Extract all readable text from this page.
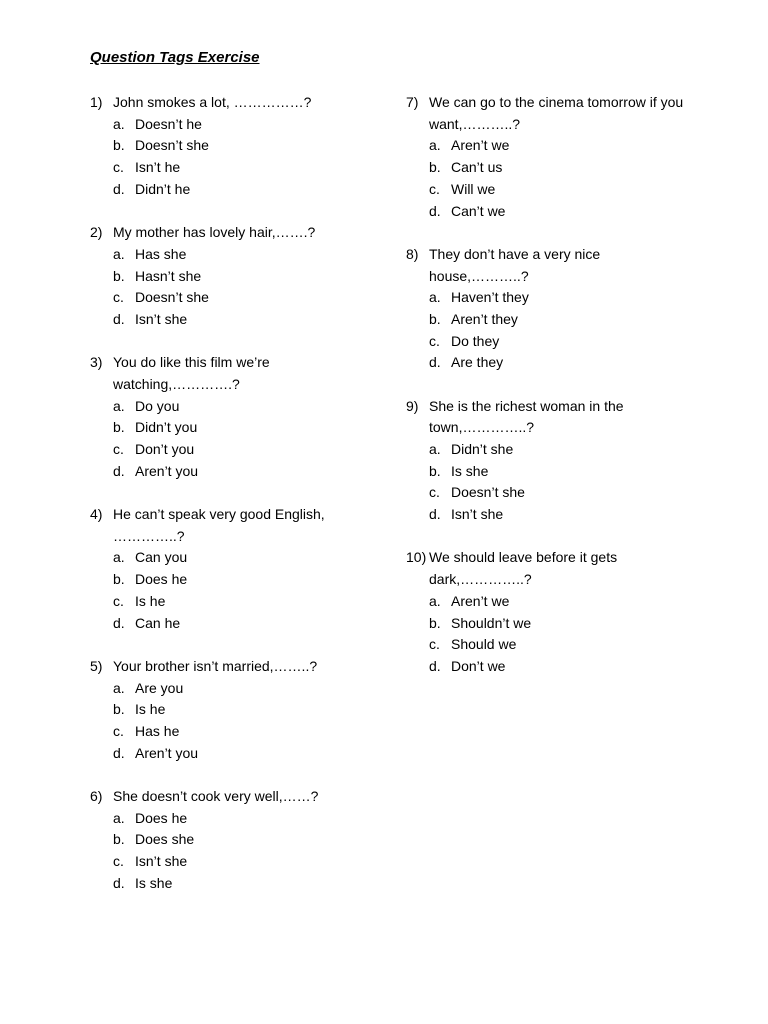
Question Tags Exercise
1) John smokes a lot, ……………?
a. Doesn’t he
b. Doesn’t she
c. Isn’t he
d. Didn’t he
2) My mother has lovely hair,…….?
a. Has she
b. Hasn’t she
c. Doesn’t she
d. Isn’t she
3) You do like this film we’re watching,………….?
a. Do you
b. Didn’t you
c. Don’t you
d. Aren’t you
4) He can’t speak very good English, …………..?
a. Can you
b. Does he
c. Is he
d. Can he
5) Your brother isn’t married,……..?
a. Are you
b. Is he
c. Has he
d. Aren’t you
6) She doesn’t cook very well,……?
a. Does he
b. Does she
c. Isn’t she
d. Is she
7) We can go to the cinema tomorrow if you want,………..?
a. Aren’t we
b. Can’t us
c. Will we
d. Can’t we
8) They don’t have a very nice house,………..?
a. Haven’t they
b. Aren’t they
c. Do they
d. Are they
9) She is the richest woman in the town,…………..?
a. Didn’t she
b. Is she
c. Doesn’t she
d. Isn’t she
10) We should leave before it gets dark,…………..?
a. Aren’t we
b. Shouldn’t we
c. Should we
d. Don’t we
